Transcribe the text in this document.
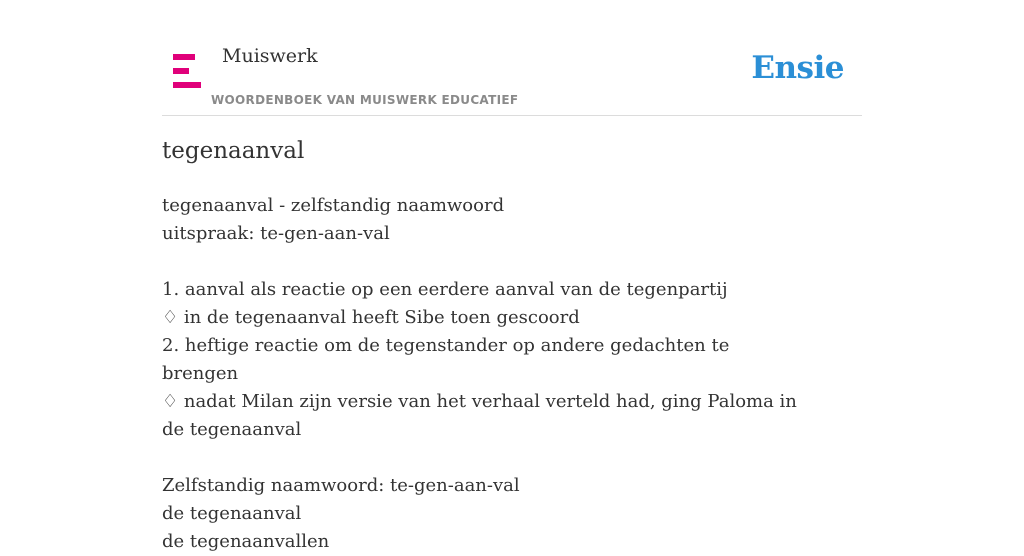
Muiswerk
WOORDENBOEK VAN MUISWERK EDUCATIEF
Ensie
tegenaanval
tegenaanval - zelfstandig naamwoord
uitspraak: te-gen-aan-val
1. aanval als reactie op een eerdere aanval van de tegenpartij
♢ in de tegenaanval heeft Sibe toen gescoord
2. heftige reactie om de tegenstander op andere gedachten te brengen
♢ nadat Milan zijn versie van het verhaal verteld had, ging Paloma in de tegenaanval
Zelfstandig naamwoord: te-gen-aan-val
de tegenaanval
de tegenaanvallen
